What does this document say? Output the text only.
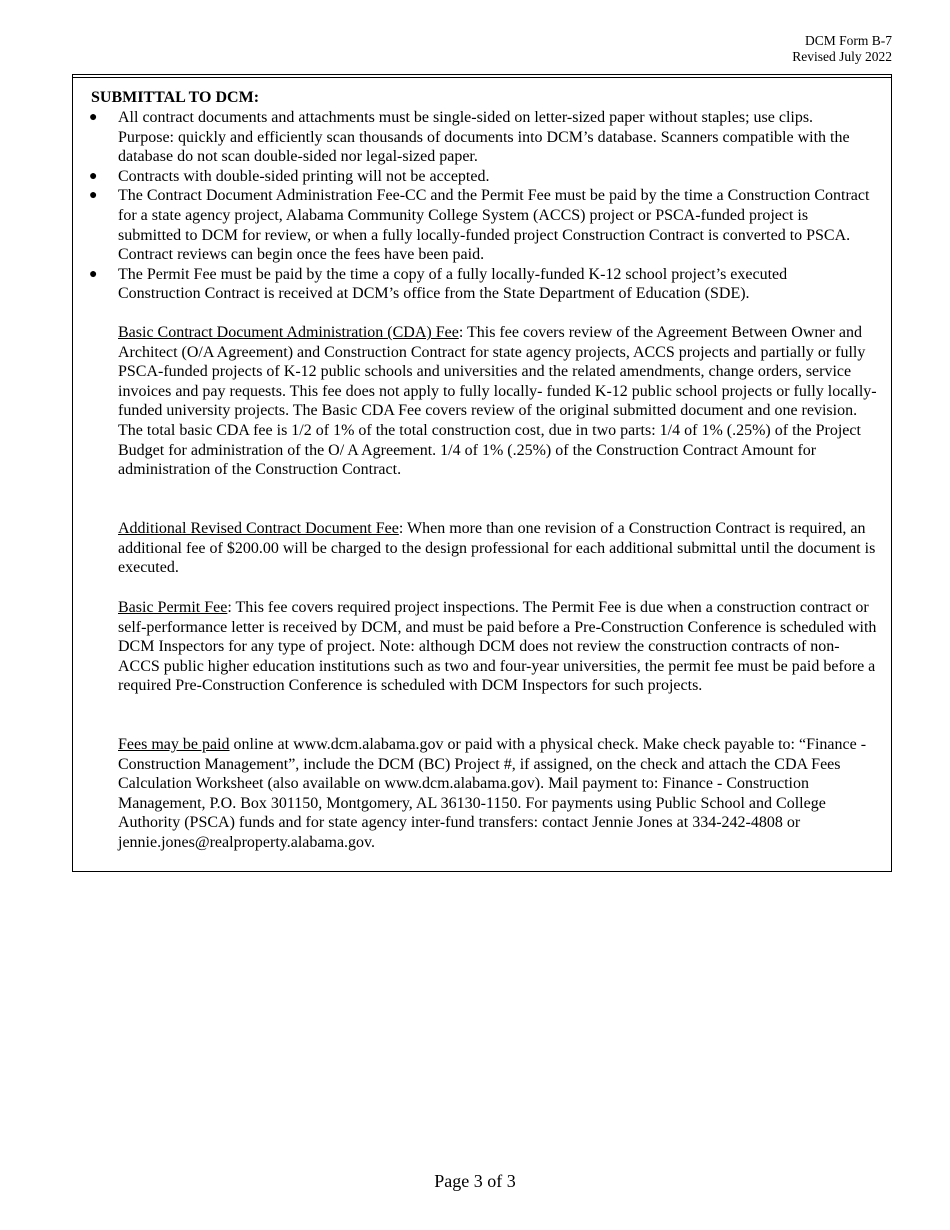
DCM Form B-7
Revised July 2022
SUBMITTAL TO DCM:
● All contract documents and attachments must be single-sided on letter-sized paper without staples; use clips. Purpose: quickly and efficiently scan thousands of documents into DCM’s database. Scanners compatible with the database do not scan double-sided nor legal-sized paper.
● Contracts with double-sided printing will not be accepted.
● The Contract Document Administration Fee-CC and the Permit Fee must be paid by the time a Construction Contract for a state agency project, Alabama Community College System (ACCS) project or PSCA-funded project is submitted to DCM for review, or when a fully locally-funded project Construction Contract is converted to PSCA. Contract reviews can begin once the fees have been paid.
● The Permit Fee must be paid by the time a copy of a fully locally-funded K-12 school project’s executed Construction Contract is received at DCM’s office from the State Department of Education (SDE).

Basic Contract Document Administration (CDA) Fee: This fee covers review of the Agreement Between Owner and Architect (O/A Agreement) and Construction Contract for state agency projects, ACCS projects and partially or fully PSCA-funded projects of K-12 public schools and universities and the related amendments, change orders, service invoices and pay requests. This fee does not apply to fully locally- funded K-12 public school projects or fully locally-funded university projects. The Basic CDA Fee covers review of the original submitted document and one revision. The total basic CDA fee is 1/2 of 1% of the total construction cost, due in two parts: 1/4 of 1% (.25%) of the Project Budget for administration of the O/ A Agreement. 1/4 of 1% (.25%) of the Construction Contract Amount for administration of the Construction Contract.

Additional Revised Contract Document Fee: When more than one revision of a Construction Contract is required, an additional fee of $200.00 will be charged to the design professional for each additional submittal until the document is executed.

Basic Permit Fee: This fee covers required project inspections. The Permit Fee is due when a construction contract or self-performance letter is received by DCM, and must be paid before a Pre-Construction Conference is scheduled with DCM Inspectors for any type of project. Note: although DCM does not review the construction contracts of non-ACCS public higher education institutions such as two and four-year universities, the permit fee must be paid before a required Pre-Construction Conference is scheduled with DCM Inspectors for such projects.

Fees may be paid online at www.dcm.alabama.gov or paid with a physical check. Make check payable to: “Finance - Construction Management”, include the DCM (BC) Project #, if assigned, on the check and attach the CDA Fees Calculation Worksheet (also available on www.dcm.alabama.gov). Mail payment to: Finance - Construction Management, P.O. Box 301150, Montgomery, AL 36130-1150. For payments using Public School and College Authority (PSCA) funds and for state agency inter-fund transfers: contact Jennie Jones at 334-242-4808 or jennie.jones@realproperty.alabama.gov.

Page 3 of 3
